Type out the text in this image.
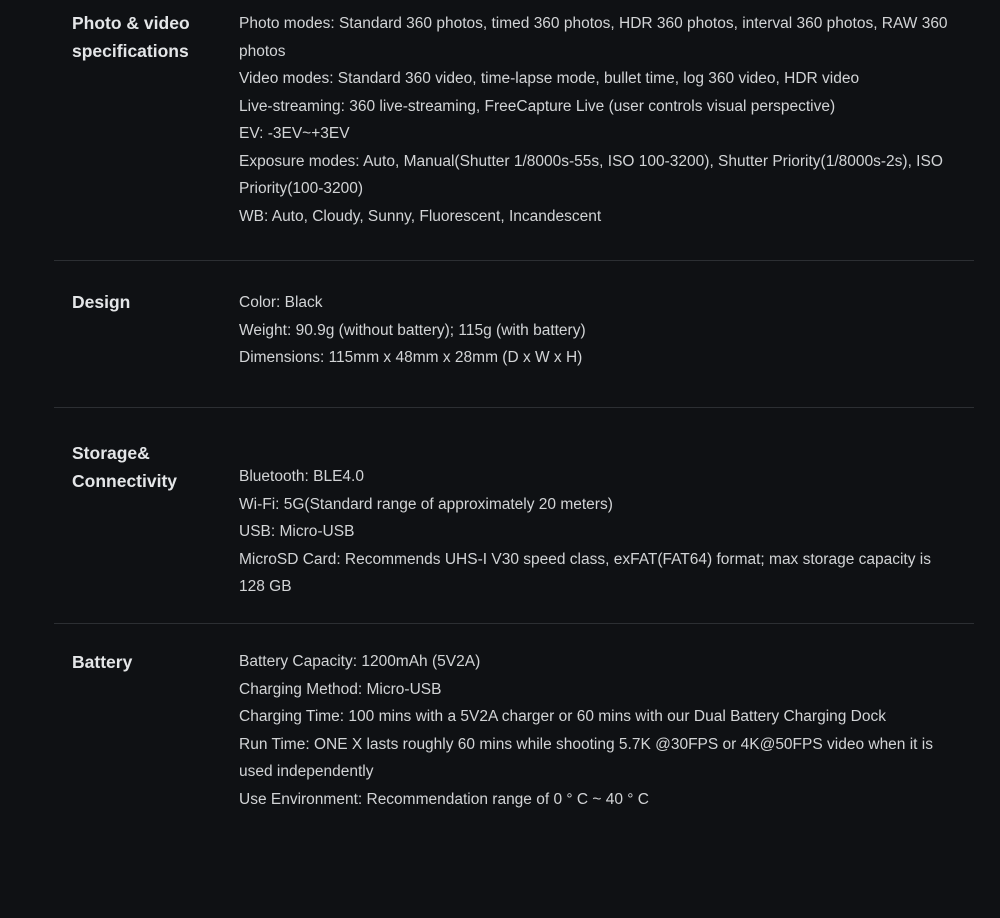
Photo & video specifications
Photo modes: Standard 360 photos, timed 360 photos, HDR 360 photos, interval 360 photos, RAW 360 photos
Video modes: Standard 360 video, time-lapse mode, bullet time, log 360 video, HDR video
Live-streaming: 360 live-streaming, FreeCapture Live (user controls visual perspective)
EV: -3EV~+3EV
Exposure modes: Auto, Manual(Shutter 1/8000s-55s, ISO 100-3200), Shutter Priority(1/8000s-2s), ISO Priority(100-3200)
WB: Auto, Cloudy, Sunny, Fluorescent, Incandescent
Design	Color: Black
Weight: 90.9g (without battery); 115g (with battery)
Dimensions: 115mm x 48mm x 28mm (D x W x H)
Storage& Connectivity	Bluetooth: BLE4.0
Wi-Fi: 5G(Standard range of approximately 20 meters)
USB: Micro-USB
MicroSD Card: Recommends UHS-I V30 speed class, exFAT(FAT64) format; max storage capacity is 128 GB
Battery	Battery Capacity: 1200mAh (5V2A)
Charging Method: Micro-USB
Charging Time: 100 mins with a 5V2A charger or 60 mins with our Dual Battery Charging Dock
Run Time: ONE X lasts roughly 60 mins while shooting 5.7K @30FPS or 4K@50FPS video when it is used independently
Use Environment: Recommendation range of 0 ° C ~ 40 ° C
